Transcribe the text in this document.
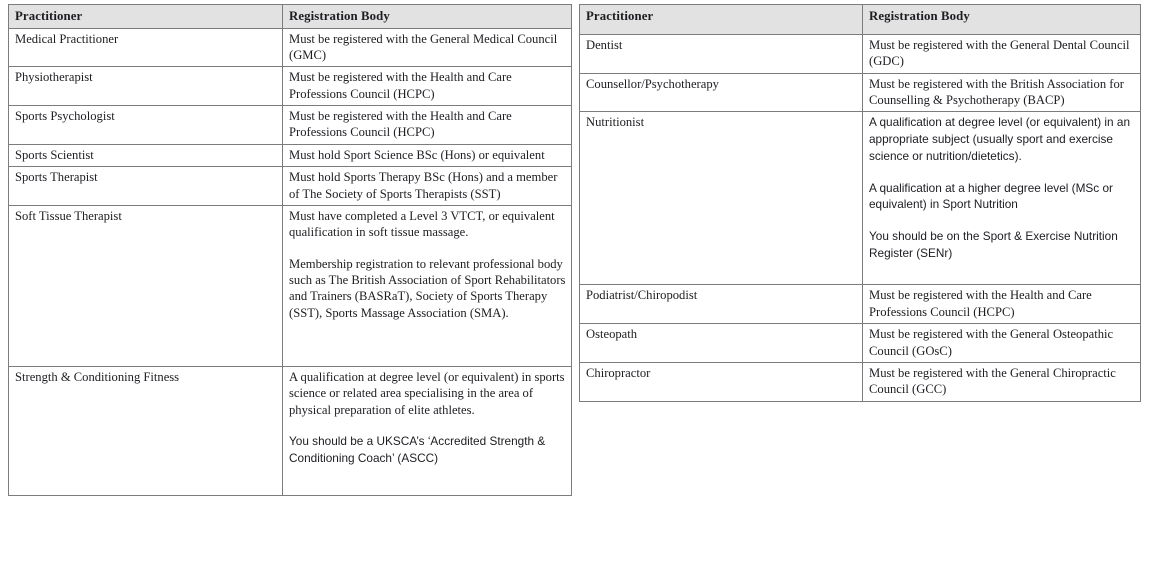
Practitioner	Registration Body
Medical Practitioner	Must be registered with the General Medical Council (GMC)

Physiotherapist	Must be registered with the Health and Care Professions Council (HCPC)

Sports Psychologist	Must be registered with the Health and Care Professions Council (HCPC)

Sports Scientist	Must hold Sport Science BSc (Hons) or equivalent

Sports Therapist	Must hold Sports Therapy BSc (Hons) and a member of The Society of Sports Therapists (SST)

Soft Tissue Therapist	Must have completed a Level 3 VTCT, or equivalent qualification in soft tissue massage.

Membership registration to relevant professional body such as The British Association of Sport Rehabilitators and Trainers (BASRaT), Society of Sports Therapy (SST), Sports Massage Association (SMA).

Strength & Conditioning Fitness	A qualification at degree level (or equivalent) in sports science or related area specialising in the area of physical preparation of elite athletes.

You should be a UKSCA’s ‘Accredited Strength & Conditioning Coach’ (ASCC)

Practitioner	Registration Body
Dentist	Must be registered with the General Dental Council (GDC)

Counsellor/Psychotherapy	Must be registered with the British Association for Counselling & Psychotherapy (BACP)

Nutritionist	A qualification at degree level (or equivalent) in an appropriate subject (usually sport and exercise science or nutrition/dietetics).

A qualification at a higher degree level (MSc or equivalent) in Sport Nutrition

You should be on the Sport & Exercise Nutrition Register (SENr)

Podiatrist/Chiropodist	Must be registered with the Health and Care Professions Council (HCPC)

Osteopath	Must be registered with the General Osteopathic Council (GOsC)

Chiropractor	Must be registered with the General Chiropractic Council (GCC)
